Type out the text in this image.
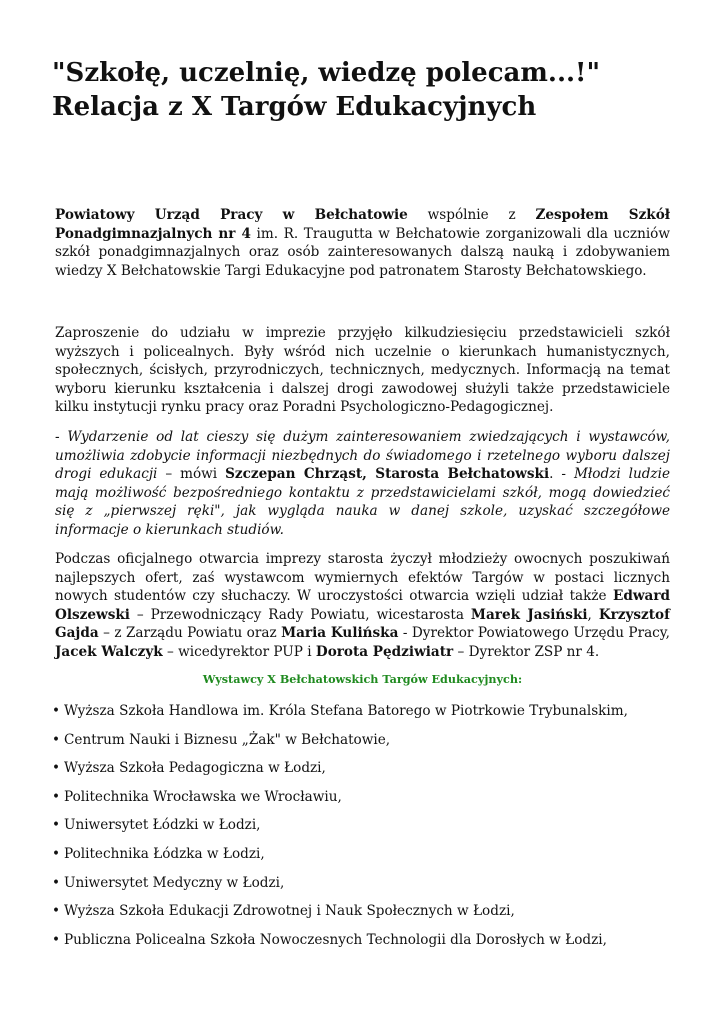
"Szkołę, uczelnię, wiedzę polecam...!" Relacja z X Targów Edukacyjnych

Powiatowy Urząd Pracy w Bełchatowie wspólnie z Zespołem Szkół Ponadgimnazjalnych nr 4 im. R. Traugutta w Bełchatowie zorganizowali dla uczniów szkół ponadgimnazjalnych oraz osób zainteresowanych dalszą nauką i zdobywaniem wiedzy X Bełchatowskie Targi Edukacyjne pod patronatem Starosty Bełchatowskiego.

Zaproszenie do udziału w imprezie przyjęło kilkudziesięciu przedstawicieli szkół wyższych i policealnych. Były wśród nich uczelnie o kierunkach humanistycznych, społecznych, ścisłych, przyrodniczych, technicznych, medycznych. Informacją na temat wyboru kierunku kształcenia i dalszej drogi zawodowej służyli także przedstawiciele kilku instytucji rynku pracy oraz Poradni Psychologiczno-Pedagogicznej.

- Wydarzenie od lat cieszy się dużym zainteresowaniem zwiedzających i wystawców, umożliwia zdobycie informacji niezbędnych do świadomego i rzetelnego wyboru dalszej drogi edukacji – mówi Szczepan Chrząst, Starosta Bełchatowski. - Młodzi ludzie mają możliwość bezpośredniego kontaktu z przedstawicielami szkół, mogą dowiedzieć się z „pierwszej ręki", jak wygląda nauka w danej szkole, uzyskać szczegółowe informacje o kierunkach studiów.

Podczas oficjalnego otwarcia imprezy starosta życzył młodzieży owocnych poszukiwań najlepszych ofert, zaś wystawcom wymiernych efektów Targów w postaci licznych nowych studentów czy słuchaczy. W uroczystości otwarcia wzięli udział także Edward Olszewski – Przewodniczący Rady Powiatu, wicestarosta Marek Jasiński, Krzysztof Gajda – z Zarządu Powiatu oraz Maria Kulińska - Dyrektor Powiatowego Urzędu Pracy, Jacek Walczyk – wicedyrektor PUP i Dorota Pędziwiatr – Dyrektor ZSP nr 4.

Wystawcy X Bełchatowskich Targów Edukacyjnych:

• Wyższa Szkoła Handlowa im. Króla Stefana Batorego w Piotrkowie Trybunalskim,
• Centrum Nauki i Biznesu „Żak" w Bełchatowie,
• Wyższa Szkoła Pedagogiczna w Łodzi,
• Politechnika Wrocławska we Wrocławiu,
• Uniwersytet Łódzki w Łodzi,
• Politechnika Łódzka w Łodzi,
• Uniwersytet Medyczny w Łodzi,
• Wyższa Szkoła Edukacji Zdrowotnej i Nauk Społecznych w Łodzi,
• Publiczna Policealna Szkoła Nowoczesnych Technologii dla Dorosłych w Łodzi,
